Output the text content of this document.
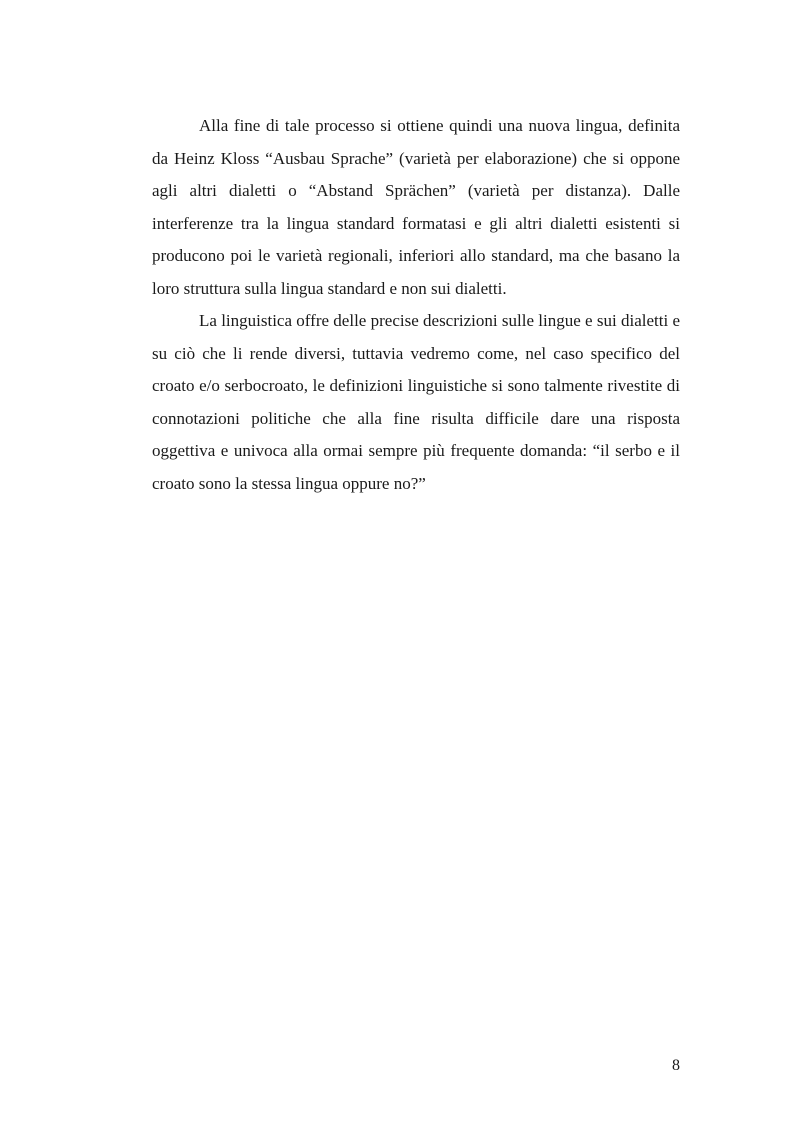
Alla fine di tale processo si ottiene quindi una nuova lingua, definita da Heinz Kloss “Ausbau Sprache” (varietà per elaborazione) che si oppone agli altri dialetti o “Abstand Sprächen” (varietà per distanza). Dalle interferenze tra la lingua standard formatasi e gli altri dialetti esistenti si producono poi le varietà regionali, inferiori allo standard, ma che basano la loro struttura sulla lingua standard e non sui dialetti.

La linguistica offre delle precise descrizioni sulle lingue e sui dialetti e su ciò che li rende diversi, tuttavia vedremo come, nel caso specifico del croato e/o serbocroato, le definizioni linguistiche si sono talmente rivestite di connotazioni politiche che alla fine risulta difficile dare una risposta oggettiva e univoca alla ormai sempre più frequente domanda: “il serbo e il croato sono la stessa lingua oppure no?”

8
